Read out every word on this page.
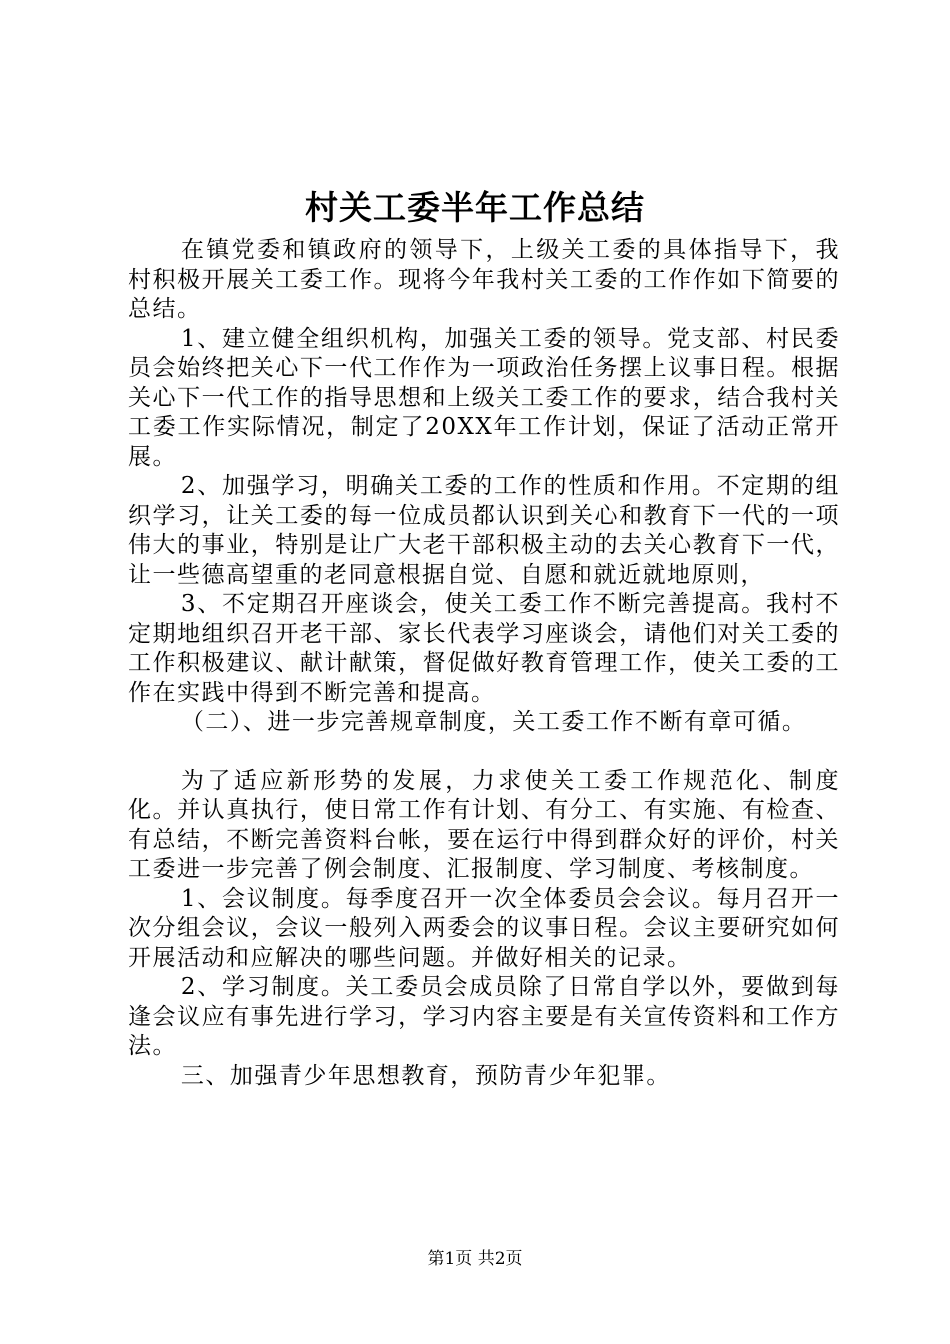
村关工委半年工作总结

在镇党委和镇政府的领导下，上级关工委的具体指导下，我村积极开展关工委工作。现将今年我村关工委的工作作如下简要的总结。

1、建立健全组织机构，加强关工委的领导。党支部、村民委员会始终把关心下一代工作作为一项政治任务摆上议事日程。根据关心下一代工作的指导思想和上级关工委工作的要求，结合我村关工委工作实际情况，制定了20XX年工作计划，保证了活动正常开展。

2、加强学习，明确关工委的工作的性质和作用。不定期的组织学习，让关工委的每一位成员都认识到关心和教育下一代的一项伟大的事业，特别是让广大老干部积极主动的去关心教育下一代，让一些德高望重的老同意根据自觉、自愿和就近就地原则，

3、不定期召开座谈会，使关工委工作不断完善提高。我村不定期地组织召开老干部、家长代表学习座谈会，请他们对关工委的工作积极建议、献计献策，督促做好教育管理工作，使关工委的工作在实践中得到不断完善和提高。

（二）、进一步完善规章制度，关工委工作不断有章可循。

为了适应新形势的发展，力求使关工委工作规范化、制度化。并认真执行，使日常工作有计划、有分工、有实施、有检查、有总结，不断完善资料台帐，要在运行中得到群众好的评价，村关工委进一步完善了例会制度、汇报制度、学习制度、考核制度。

1、会议制度。每季度召开一次全体委员会会议。每月召开一次分组会议，会议一般列入两委会的议事日程。会议主要研究如何开展活动和应解决的哪些问题。并做好相关的记录。

2、学习制度。关工委员会成员除了日常自学以外，要做到每逢会议应有事先进行学习，学习内容主要是有关宣传资料和工作方法。

三、加强青少年思想教育，预防青少年犯罪。

第1页 共2页
